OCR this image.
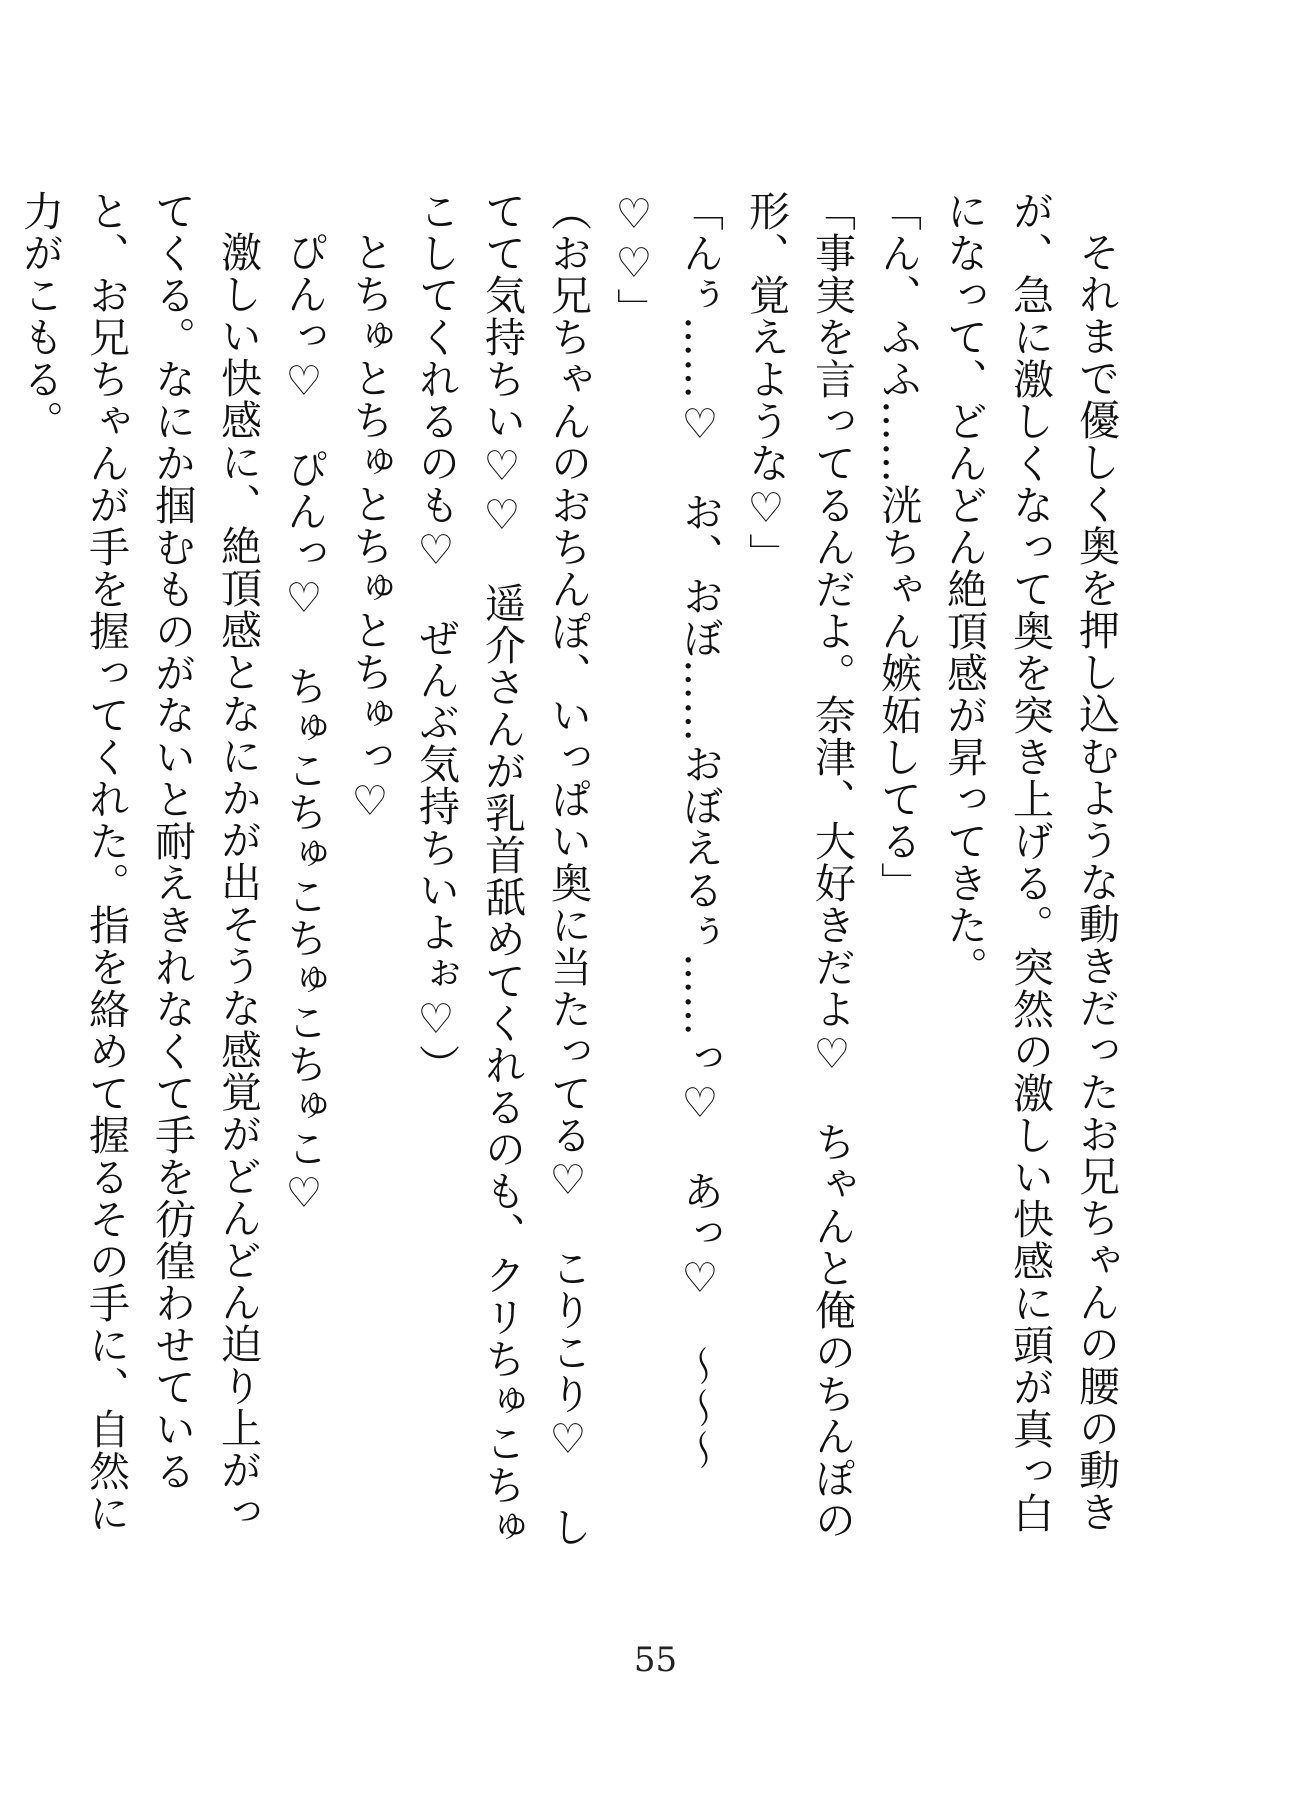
それまで優しく奥を押し込むような動きだったお兄ちゃんの腰の動きが、急に激しくなって奥を突き上げる。突然の激しい快感に頭が真っ白になって、どんどん絶頂感が昇ってきた。

「ん、ふふ……洸ちゃん嫉妬してる」

「事実を言ってるんだよ。奈津、大好きだよ♡　ちゃんと俺のちんぽの形、覚えような♡」

「んぅ……♡　お、おぼ……おぼえるぅ……っ♡　あっ♡　～～～♡♡」

（お兄ちゃんのおちんぽ、いっぱい奥に当たってる♡　こりこり♡　してて気持ちい♡♡　遥介さんが乳首舐めてくれるのも、クリちゅこちゅこしてくれるのも♡　ぜんぶ気持ちいよぉ♡）

とちゅとちゅとちゅとちゅっ♡

ぴんっ♡　ぴんっ♡　ちゅこちゅこちゅこちゅこ♡

激しい快感に、絶頂感となにかが出そうな感覚がどんどん迫り上がってくる。なにか掴むものがないと耐えきれなくて手を彷徨わせていると、お兄ちゃんが手を握ってくれた。指を絡めて握るその手に、自然に力がこもる。

55
